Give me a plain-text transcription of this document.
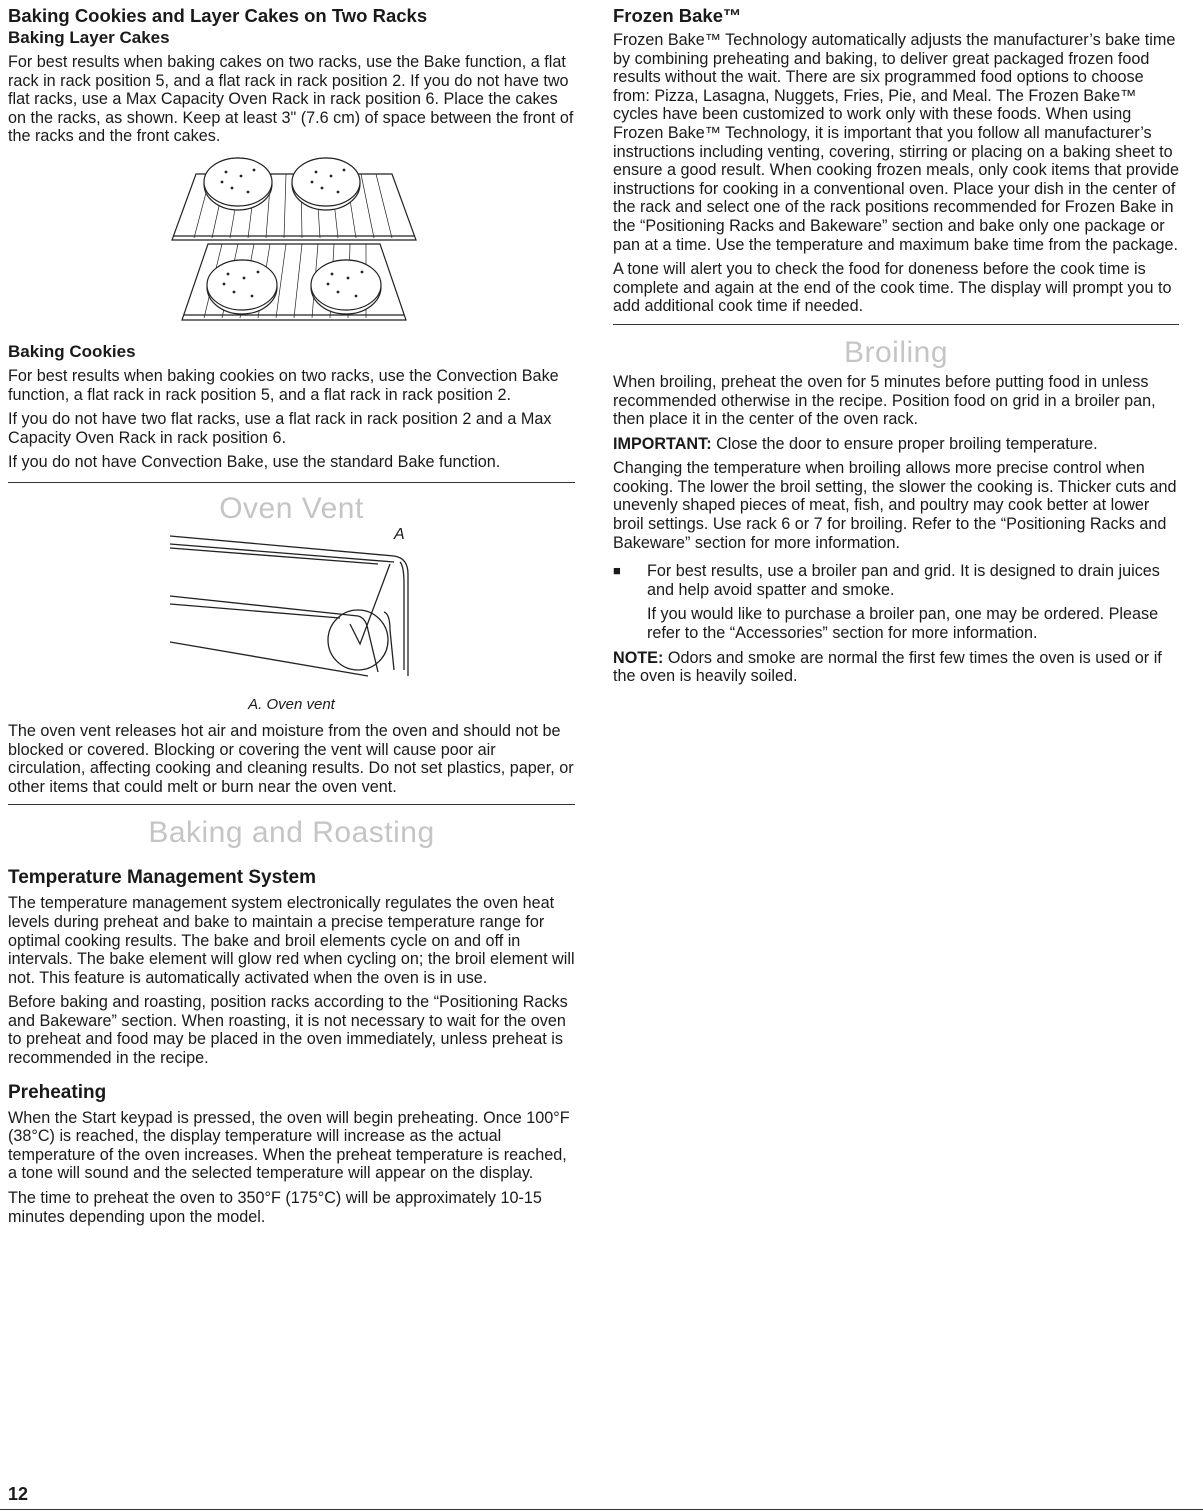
Baking Cookies and Layer Cakes on Two Racks
Baking Layer Cakes

For best results when baking cakes on two racks, use the Bake function, a flat rack in rack position 5, and a flat rack in rack position 2. If you do not have two flat racks, use a Max Capacity Oven Rack in rack position 6. Place the cakes on the racks, as shown. Keep at least 3" (7.6 cm) of space between the front of the racks and the front cakes.

Baking Cookies

For best results when baking cookies on two racks, use the Convection Bake function, a flat rack in rack position 5, and a flat rack in rack position 2.

If you do not have two flat racks, use a flat rack in rack position 2 and a Max Capacity Oven Rack in rack position 6.

If you do not have Convection Bake, use the standard Bake function.

Oven Vent
A

A. Oven vent

The oven vent releases hot air and moisture from the oven and should not be blocked or covered. Blocking or covering the vent will cause poor air circulation, affecting cooking and cleaning results. Do not set plastics, paper, or other items that could melt or burn near the oven vent.

Baking and Roasting
Temperature Management System

The temperature management system electronically regulates the oven heat levels during preheat and bake to maintain a precise temperature range for optimal cooking results. The bake and broil elements cycle on and off in intervals. The bake element will glow red when cycling on; the broil element will not. This feature is automatically activated when the oven is in use.

Before baking and roasting, position racks according to the “Positioning Racks and Bakeware” section. When roasting, it is not necessary to wait for the oven to preheat and food may be placed in the oven immediately, unless preheat is recommended in the recipe.

Preheating

When the Start keypad is pressed, the oven will begin preheating. Once 100°F (38°C) is reached, the display temperature will increase as the actual temperature of the oven increases. When the preheat temperature is reached, a tone will sound and the selected temperature will appear on the display.

The time to preheat the oven to 350°F (175°C) will be approximately 10-15 minutes depending upon the model.

Frozen Bake™

Frozen Bake™ Technology automatically adjusts the manufacturer’s bake time by combining preheating and baking, to deliver great packaged frozen food results without the wait. There are six programmed food options to choose from: Pizza, Lasagna, Nuggets, Fries, Pie, and Meal. The Frozen Bake™ cycles have been customized to work only with these foods. When using Frozen Bake™ Technology, it is important that you follow all manufacturer’s instructions including venting, covering, stirring or placing on a baking sheet to ensure a good result. When cooking frozen meals, only cook items that provide instructions for cooking in a conventional oven. Place your dish in the center of the rack and select one of the rack positions recommended for Frozen Bake in the “Positioning Racks and Bakeware” section and bake only one package or pan at a time. Use the temperature and maximum bake time from the package.

A tone will alert you to check the food for doneness before the cook time is complete and again at the end of the cook time. The display will prompt you to add additional cook time if needed.

Broiling

When broiling, preheat the oven for 5 minutes before putting food in unless recommended otherwise in the recipe. Position food on grid in a broiler pan, then place it in the center of the oven rack.

IMPORTANT: Close the door to ensure proper broiling temperature.

Changing the temperature when broiling allows more precise control when cooking. The lower the broil setting, the slower the cooking is. Thicker cuts and unevenly shaped pieces of meat, fish, and poultry may cook better at lower broil settings. Use rack 6 or 7 for broiling. Refer to the “Positioning Racks and Bakeware” section for more information.

■	For best results, use a broiler pan and grid. It is designed to drain juices and help avoid spatter and smoke.

If you would like to purchase a broiler pan, one may be ordered. Please refer to the “Accessories” section for more information.

NOTE: Odors and smoke are normal the first few times the oven is used or if the oven is heavily soiled.

12
